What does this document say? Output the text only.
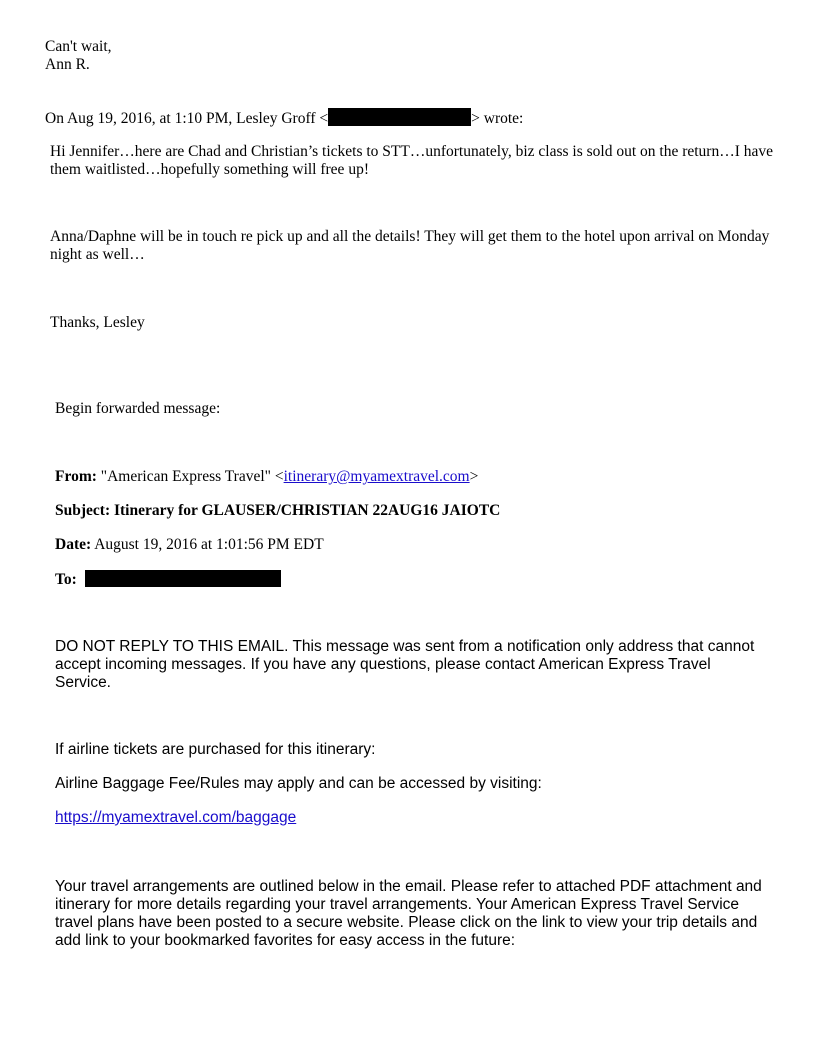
Can't wait,
Ann R.
On Aug 19, 2016, at 1:10 PM, Lesley Groff <	> wrote:
Hi Jennifer…here are Chad and Christian’s tickets to STT…unfortunately, biz class is sold out on the return…I have them waitlisted…hopefully something will free up!
Anna/Daphne will be in touch re pick up and all the details! They will get them to the hotel upon arrival on Monday night as well…
Thanks, Lesley
Begin forwarded message:
From: "American Express Travel" <itinerary@myamextravel.com>
Subject: Itinerary for GLAUSER/CHRISTIAN 22AUG16 JAIOTC
Date: August 19, 2016 at 1:01:56 PM EDT
To:
DO NOT REPLY TO THIS EMAIL. This message was sent from a notification only address that cannot accept incoming messages. If you have any questions, please contact American Express Travel Service.
If airline tickets are purchased for this itinerary:
Airline Baggage Fee/Rules may apply and can be accessed by visiting:
https://myamextravel.com/baggage
Your travel arrangements are outlined below in the email. Please refer to attached PDF attachment and itinerary for more details regarding your travel arrangements. Your American Express Travel Service travel plans have been posted to a secure website. Please click on the link to view your trip details and add link to your bookmarked favorites for easy access in the future:
